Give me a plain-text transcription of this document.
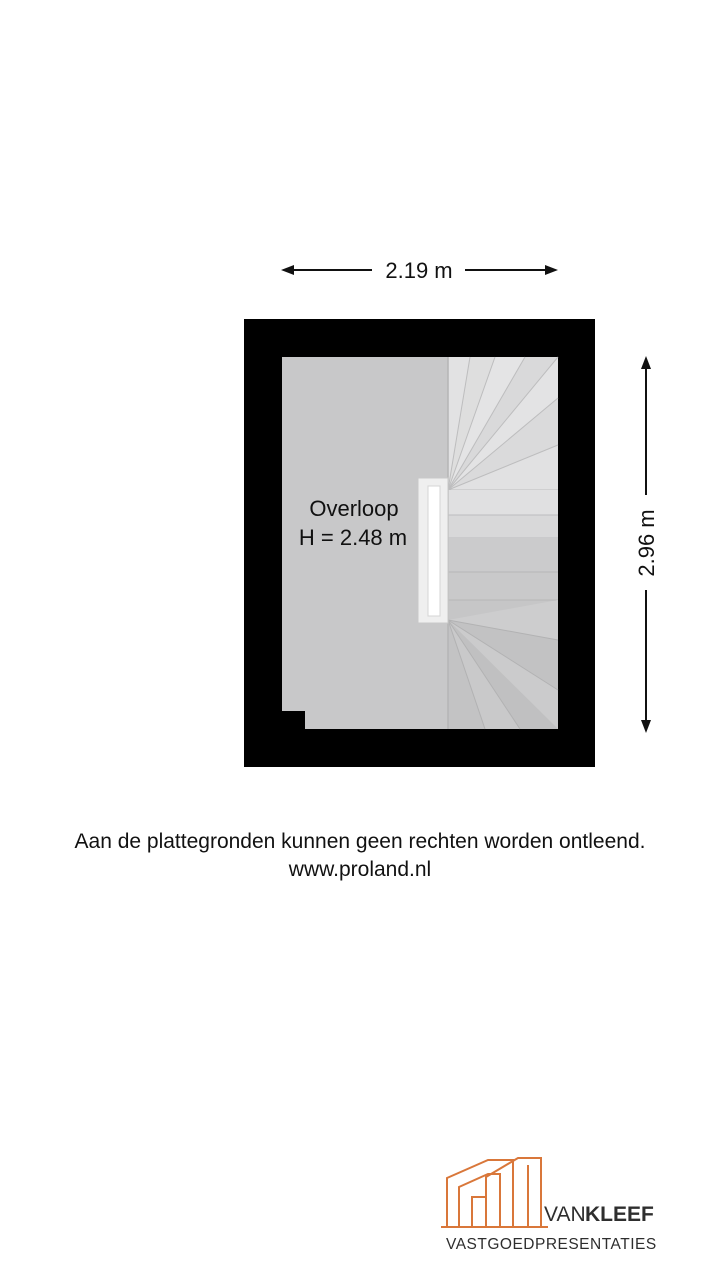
2.19 m
2.96 m
Overloop
H = 2.48 m
VAN KLEEF
VASTGOEDPRESENTATIES
Aan de plattegronden kunnen geen rechten worden ontleend.
www.proland.nl
